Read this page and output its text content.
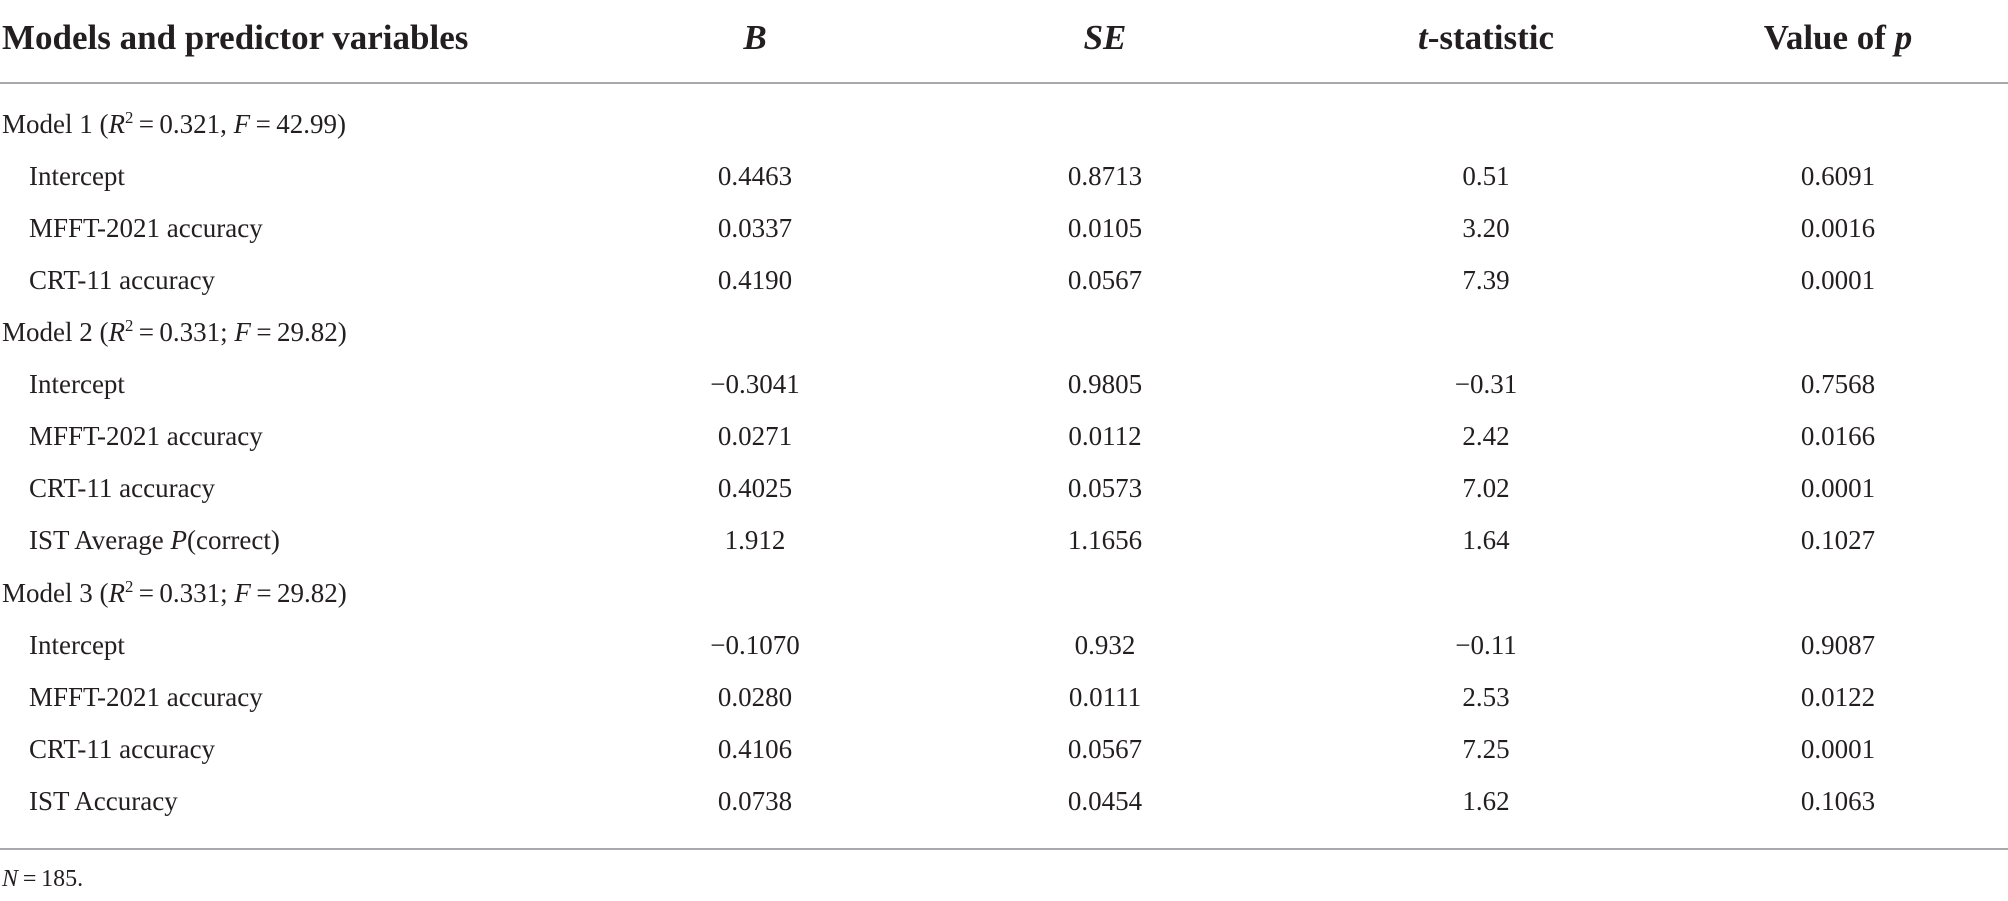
Models and predictor variables	B	SE	t-statistic	Value of p
Model 1 ($R^2 = 0.321$, F = 42.99)
Intercept	0.4463	0.8713	0.51	0.6091
MFFT-2021 accuracy	0.0337	0.0105	3.20	0.0016
CRT-11 accuracy	0.4190	0.0567	7.39	0.0001
Model 2 ($R^2 = 0.331$; F = 29.82)
Intercept	−0.3041	0.9805	−0.31	0.7568
MFFT-2021 accuracy	0.0271	0.0112	2.42	0.0166
CRT-11 accuracy	0.4025	0.0573	7.02	0.0001
IST Average P(correct)	1.912	1.1656	1.64	0.1027
Model 3 ($R^2 = 0.331$; F = 29.82)
Intercept	−0.1070	0.932	−0.11	0.9087
MFFT-2021 accuracy	0.0280	0.0111	2.53	0.0122
CRT-11 accuracy	0.4106	0.0567	7.25	0.0001
IST Accuracy	0.0738	0.0454	1.62	0.1063
N = 185.
